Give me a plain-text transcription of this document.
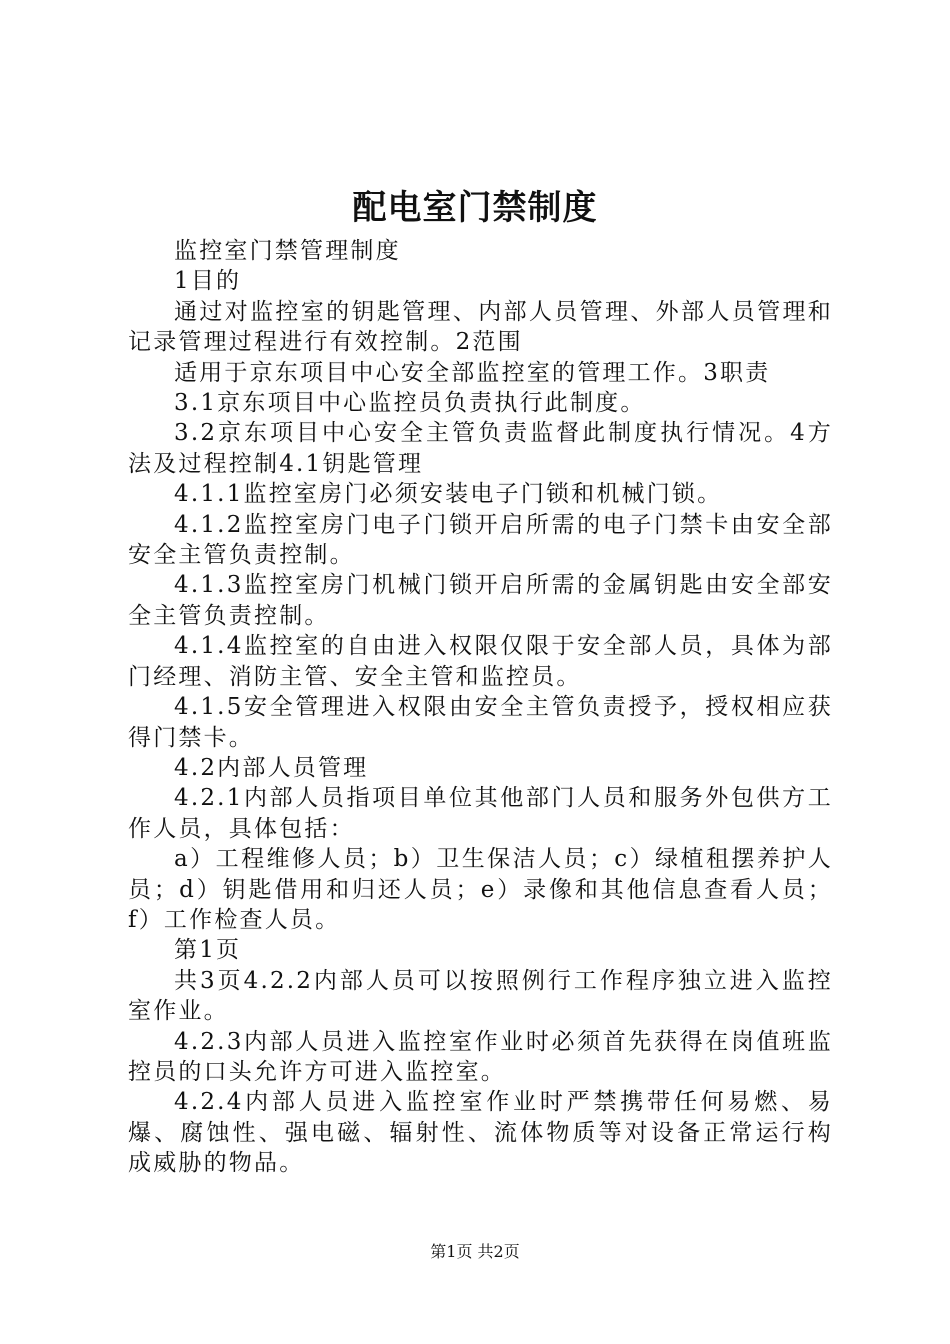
配电室门禁制度

监控室门禁管理制度

1目的

通过对监控室的钥匙管理、内部人员管理、外部人员管理和记录管理过程进行有效控制。2范围

适用于京东项目中心安全部监控室的管理工作。3职责

3.1京东项目中心监控员负责执行此制度。

3.2京东项目中心安全主管负责监督此制度执行情况。4方法及过程控制4.1钥匙管理

4.1.1监控室房门必须安装电子门锁和机械门锁。

4.1.2监控室房门电子门锁开启所需的电子门禁卡由安全部安全主管负责控制。

4.1.3监控室房门机械门锁开启所需的金属钥匙由安全部安全主管负责控制。

4.1.4监控室的自由进入权限仅限于安全部人员，具体为部门经理、消防主管、安全主管和监控员。

4.1.5安全管理进入权限由安全主管负责授予，授权相应获得门禁卡。

4.2内部人员管理

4.2.1内部人员指项目单位其他部门人员和服务外包供方工作人员，具体包括：

a）工程维修人员；b）卫生保洁人员；c）绿植租摆养护人员；d）钥匙借用和归还人员；e）录像和其他信息查看人员；f）工作检查人员。

第1页

共3页4.2.2内部人员可以按照例行工作程序独立进入监控室作业。

4.2.3内部人员进入监控室作业时必须首先获得在岗值班监控员的口头允许方可进入监控室。

4.2.4内部人员进入监控室作业时严禁携带任何易燃、易爆、腐蚀性、强电磁、辐射性、流体物质等对设备正常运行构成威胁的物品。

第1页 共2页
